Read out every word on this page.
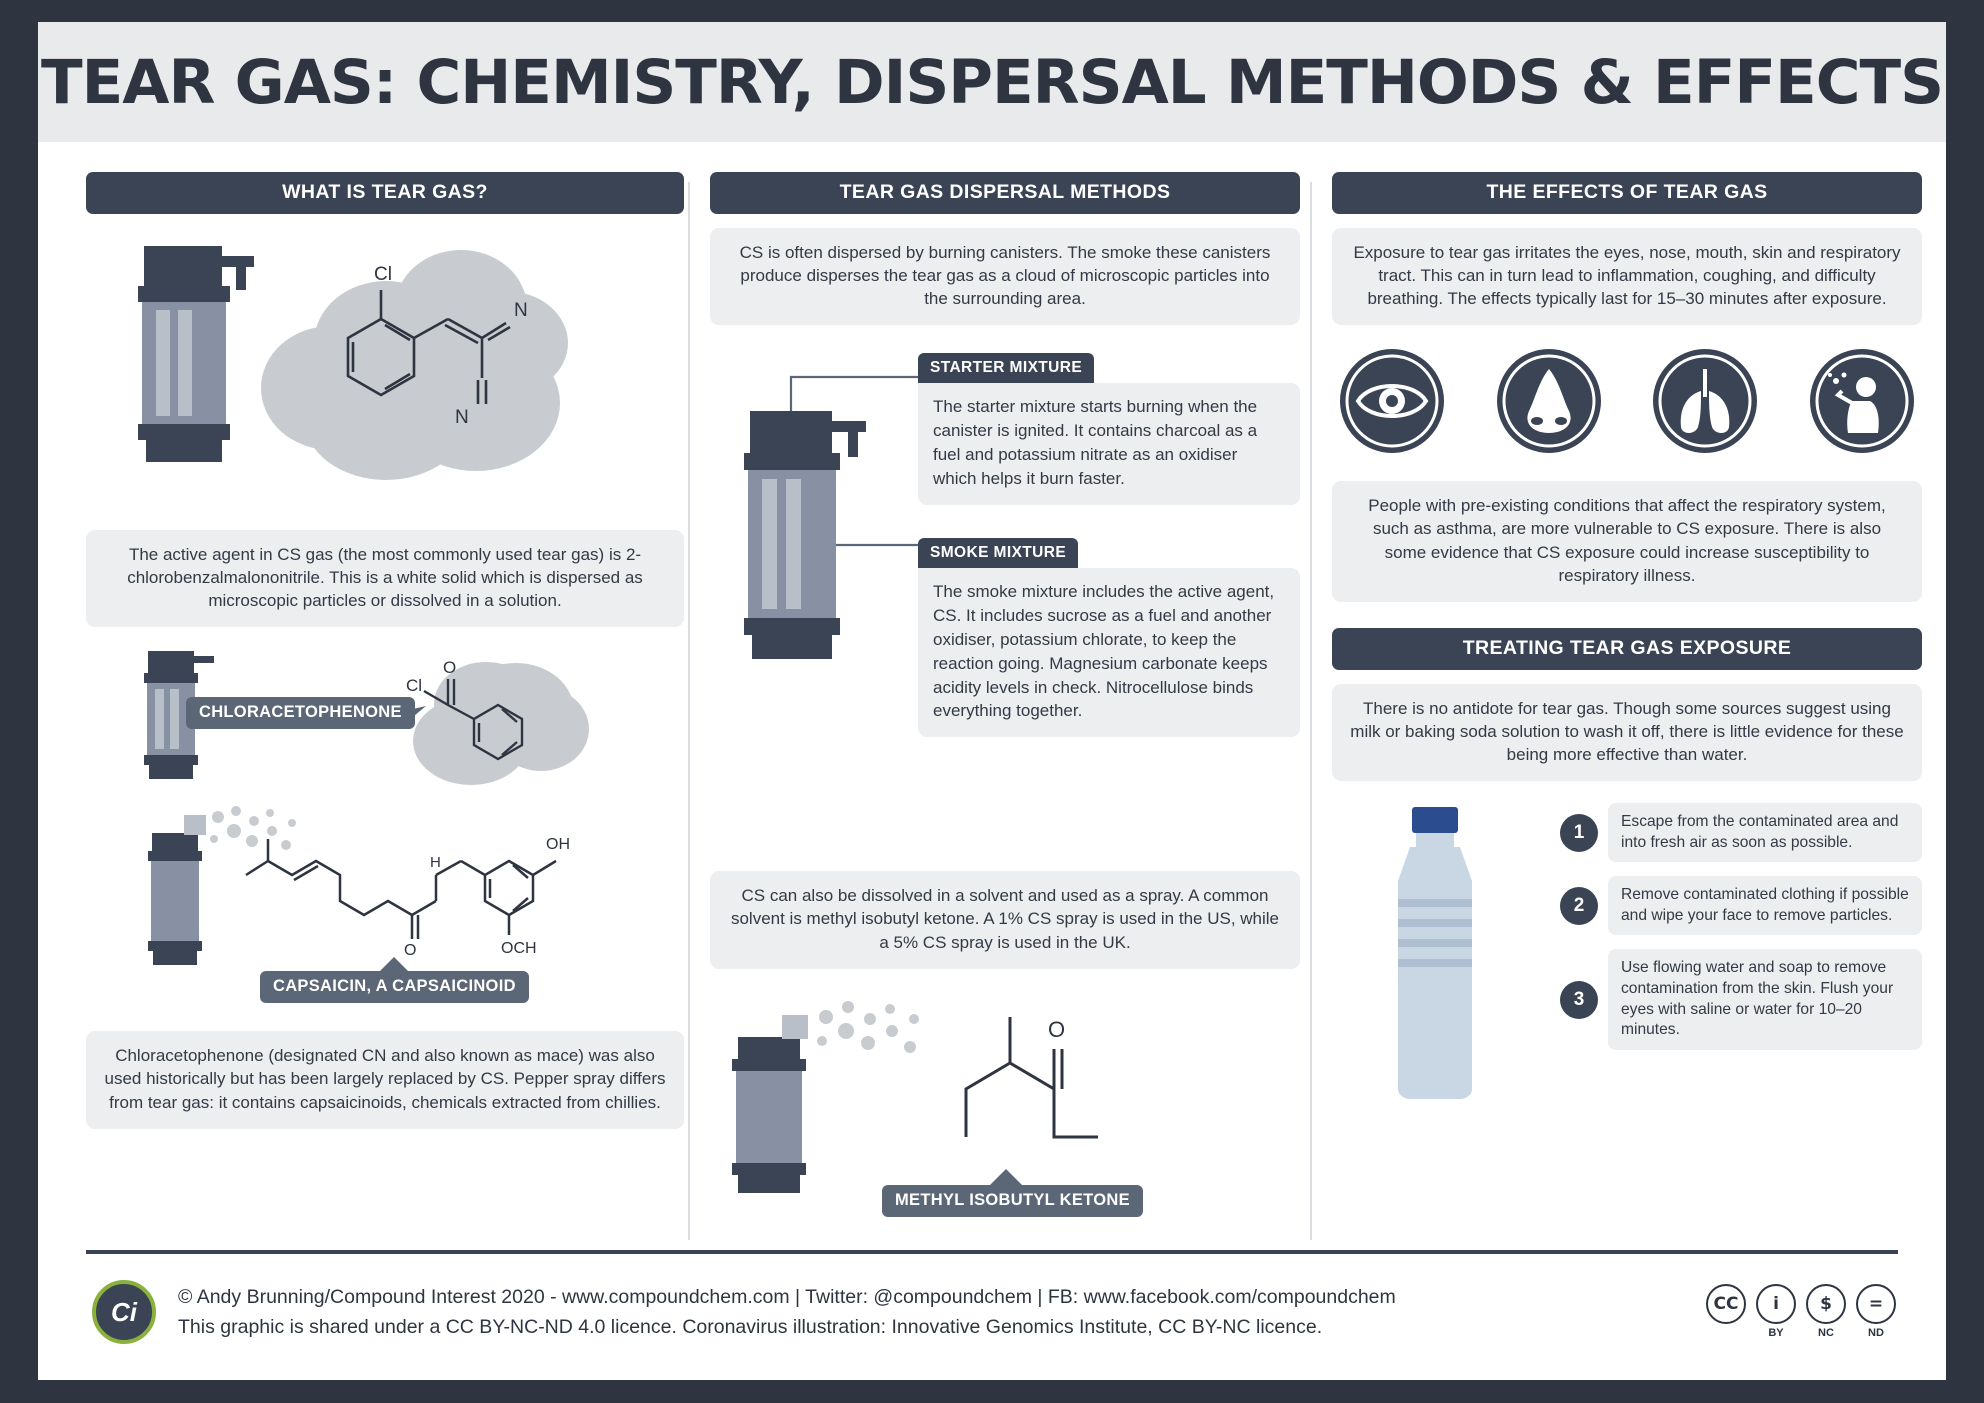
TEAR GAS: CHEMISTRY, DISPERSAL METHODS & EFFECTS
WHAT IS TEAR GAS?
Cl
N
N
The active agent in CS gas (the most commonly used tear gas) is 2-chlorobenzalmalononitrile. This is a white solid which is dispersed as microscopic particles or dissolved in a solution.
Cl
O
CHLORACETOPHENONE
H
O
OH
OCH
CAPSAICIN, A CAPSAICINOID
Chloracetophenone (designated CN and also known as mace) was also used historically but has been largely replaced by CS. Pepper spray differs from tear gas: it contains capsaicinoids, chemicals extracted from chillies.
TEAR GAS DISPERSAL METHODS
CS is often dispersed by burning canisters. The smoke these canisters produce disperses the tear gas as a cloud of microscopic particles into the surrounding area.
STARTER MIXTURE
The starter mixture starts burning when the canister is ignited. It contains charcoal as a fuel and potassium nitrate as an oxidiser which helps it burn faster.
SMOKE MIXTURE
The smoke mixture includes the active agent, CS. It includes sucrose as a fuel and another oxidiser, potassium chlorate, to keep the reaction going. Magnesium carbonate keeps acidity levels in check. Nitrocellulose binds everything together.
CS can also be dissolved in a solvent and used as a spray. A common solvent is methyl isobutyl ketone. A 1% CS spray is used in the US, while a 5% CS spray is used in the UK.
O
METHYL ISOBUTYL KETONE
THE EFFECTS OF TEAR GAS
Exposure to tear gas irritates the eyes, nose, mouth, skin and respiratory tract. This can in turn lead to inflammation, coughing, and difficulty breathing. The effects typically last for 15–30 minutes after exposure.
People with pre-existing conditions that affect the respiratory system, such as asthma, are more vulnerable to CS exposure. There is also some evidence that CS exposure could increase susceptibility to respiratory illness.
TREATING TEAR GAS EXPOSURE
There is no antidote for tear gas. Though some sources suggest using milk or baking soda solution to wash it off, there is little evidence for these being more effective than water.
1
Escape from the contaminated area and into fresh air as soon as possible.
2
Remove contaminated clothing if possible and wipe your face to remove particles.
3
Use flowing water and soap to remove contamination from the skin. Flush your eyes with saline or water for 10–20 minutes.
Ci © Andy Brunning/Compound Interest 2020 - www.compoundchem.com | Twitter: @compoundchem | FB: www.facebook.com/compoundchem
This graphic is shared under a CC BY-NC-ND 4.0 licence. Coronavirus illustration: Innovative Genomics Institute, CC BY-NC licence.
CC i
BY
$
NC
=
ND
